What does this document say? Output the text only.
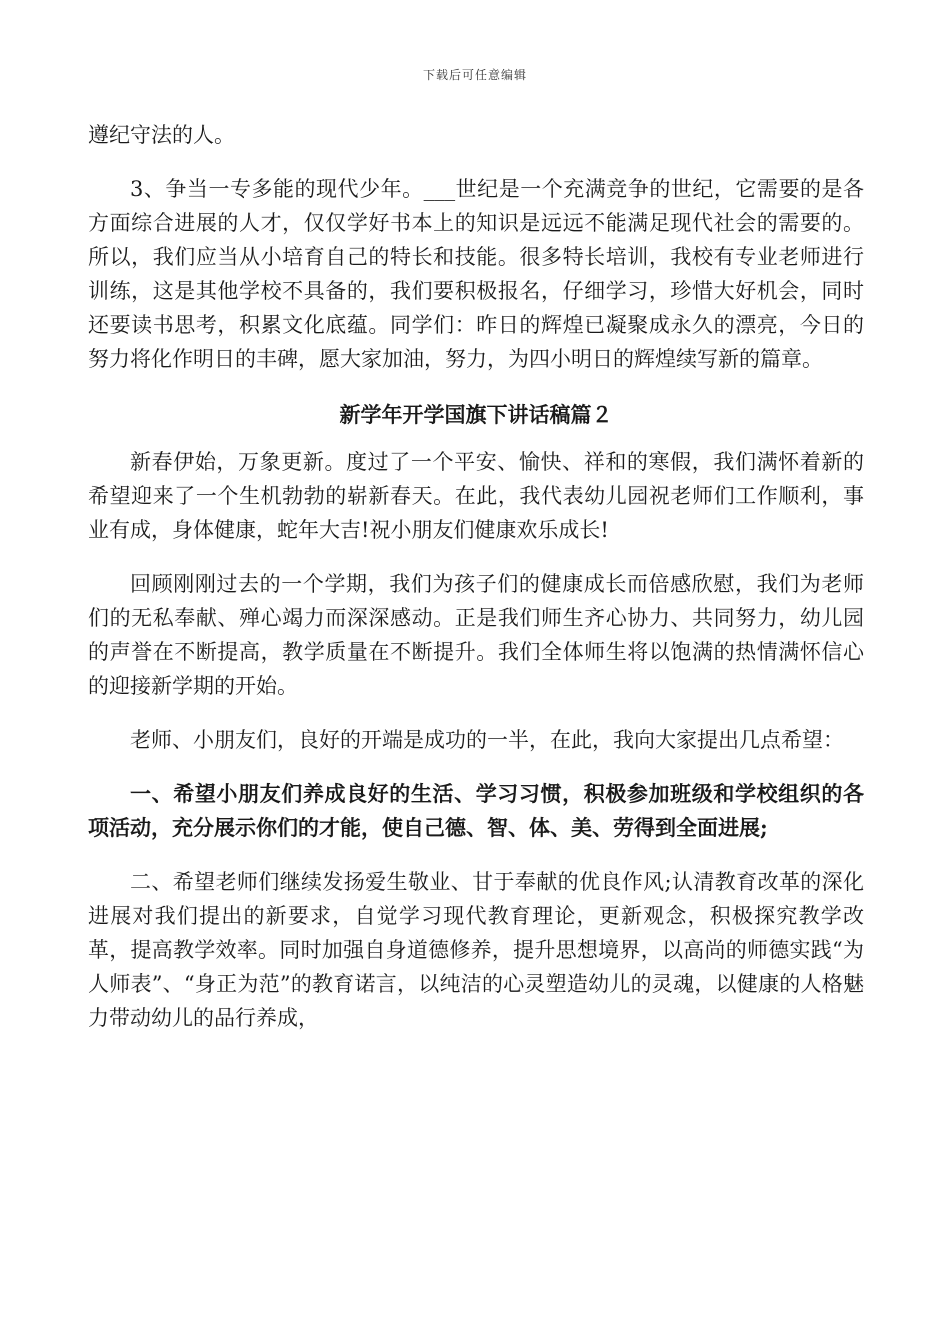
下载后可任意编辑

遵纪守法的人。

3、争当一专多能的现代少年。___世纪是一个充满竞争的世纪，它需要的是各方面综合进展的人才，仅仅学好书本上的知识是远远不能满足现代社会的需要的。所以，我们应当从小培育自己的特长和技能。很多特长培训，我校有专业老师进行训练，这是其他学校不具备的，我们要积极报名，仔细学习，珍惜大好机会，同时还要读书思考，积累文化底蕴。同学们：昨日的辉煌已凝聚成永久的漂亮，今日的努力将化作明日的丰碑，愿大家加油，努力，为四小明日的辉煌续写新的篇章。

新学年开学国旗下讲话稿篇２

新春伊始，万象更新。度过了一个平安、愉快、祥和的寒假，我们满怀着新的希望迎来了一个生机勃勃的崭新春天。在此，我代表幼儿园祝老师们工作顺利，事业有成，身体健康，蛇年大吉!祝小朋友们健康欢乐成长!

回顾刚刚过去的一个学期，我们为孩子们的健康成长而倍感欣慰，我们为老师们的无私奉献、殚心竭力而深深感动。正是我们师生齐心协力、共同努力，幼儿园的声誉在不断提高，教学质量在不断提升。我们全体师生将以饱满的热情满怀信心的迎接新学期的开始。

老师、小朋友们，良好的开端是成功的一半，在此，我向大家提出几点希望：

一、希望小朋友们养成良好的生活、学习习惯，积极参加班级和学校组织的各项活动，充分展示你们的才能，使自己德、智、体、美、劳得到全面进展;

二、希望老师们继续发扬爱生敬业、甘于奉献的优良作风;认清教育改革的深化进展对我们提出的新要求，自觉学习现代教育理论，更新观念，积极探究教学改革，提高教学效率。同时加强自身道德修养，提升思想境界，以高尚的师德实践“为人师表”、“身正为范”的教育诺言，以纯洁的心灵塑造幼儿的灵魂，以健康的人格魅力带动幼儿的品行养成，
